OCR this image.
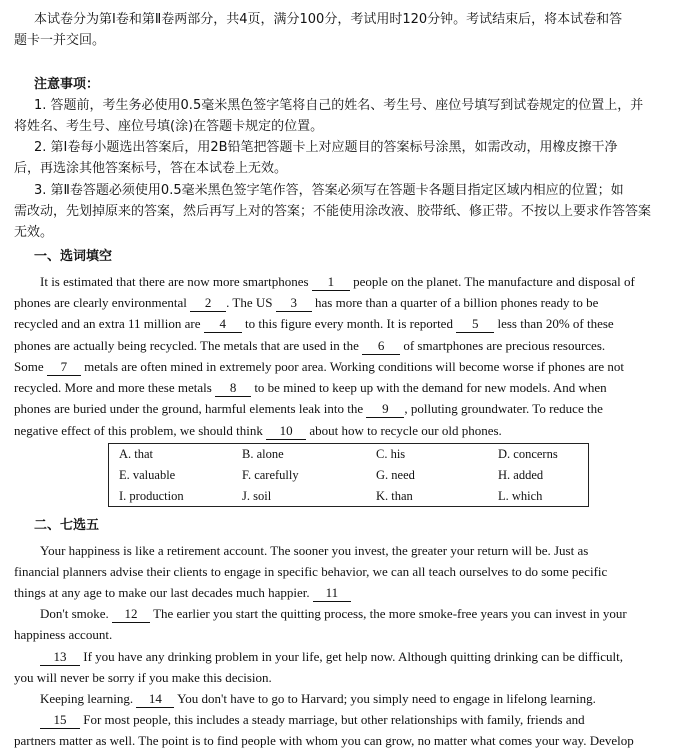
本试卷分为第Ⅰ卷和第Ⅱ卷两部分，共4页，满分100分，考试用时120分钟。考试结束后，将本试卷和答
题卡一并交回。
注意事项：
1. 答题前，考生务必使用0.5毫米黑色签字笔将自己的姓名、考生号、座位号填写到试卷规定的位置上，并
将姓名、考生号、座位号填(涂)在答题卡规定的位置。
2. 第Ⅰ卷每小题选出答案后，用2B铅笔把答题卡上对应题目的答案标号涂黑，如需改动，用橡皮擦干净
后，再选涂其他答案标号，答在本试卷上无效。
3. 第Ⅱ卷答题必须使用0.5毫米黑色签字笔作答，答案必须写在答题卡各题目指定区域内相应的位置；如
需改动，先划掉原来的答案，然后再写上对的答案；不能使用涂改液、胶带纸、修正带。不按以上要求作答答案
无效。
一、选词填空
It is estimated that there are now more smartphones 1 people on the planet. The manufacture and disposal of
phones are clearly environmental 2 . The US 3 has more than a quarter of a billion phones ready to be
recycled and an extra 11 million are 4 to this figure every month. It is reported 5 less than 20% of these
phones are actually being recycled. The metals that are used in the 6 of smartphones are precious resources.
Some 7 metals are often mined in extremely poor area. Working conditions will become worse if phones are not
recycled. More and more these metals 8 to be mined to keep up with the demand for new models. And when
phones are buried under the ground, harmful elements leak into the 9 , polluting groundwater. To reduce the
negative effect of this problem, we should think 10 about how to recycle our old phones.
A. that	B. alone	C. his	D. concerns
E. valuable	F. carefully	G. need	H. added
I. production	J. soil	K. than	L. which
二、七选五
Your happiness is like a retirement account. The sooner you invest, the greater your return will be. Just as
financial planners advise their clients to engage in specific behavior, we can all teach ourselves to do some pecific
things at any age to make our last decades much happier. 11
Don't smoke. 12 The earlier you start the quitting process, the more smoke-free years you can invest in your
happiness account.
13 If you have any drinking problem in your life, get help now. Although quitting drinking can be difficult,
you will never be sorry if you make this decision.
Keeping learning. 14 You don't have to go to Harvard; you simply need to engage in lifelong learning.
15 For most people, this includes a steady marriage, but other relationships with family, friends and
partners matter as well. The point is to find people with whom you can grow, no matter what comes your way. Develop
